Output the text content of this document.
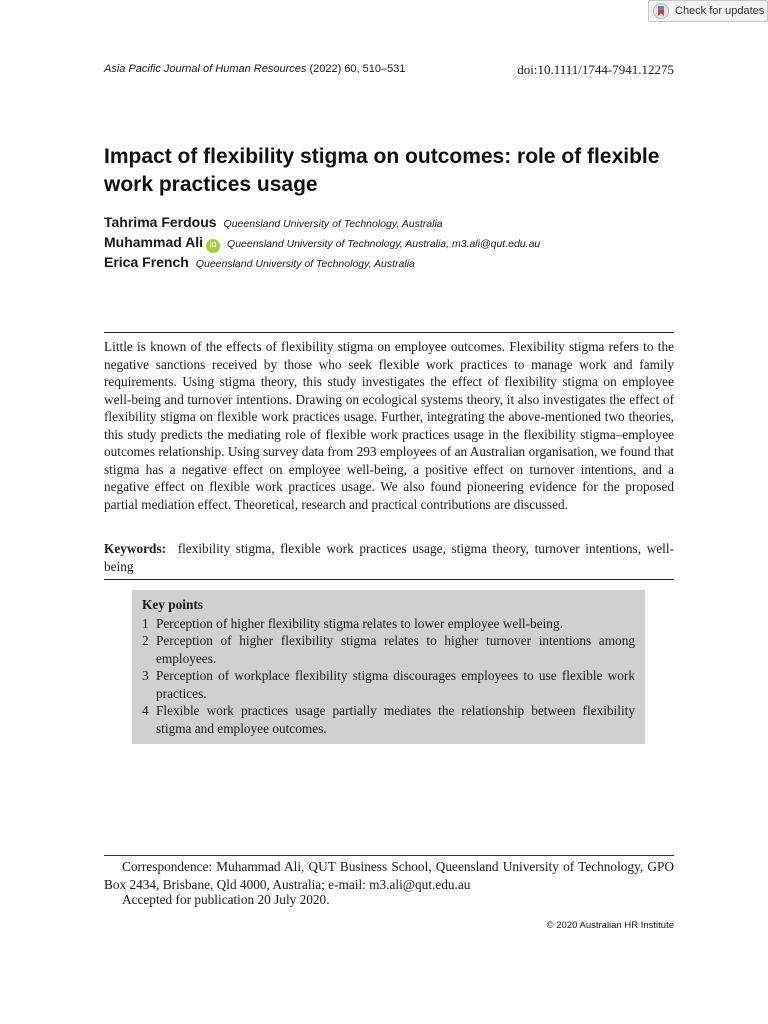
Check for updates
Asia Pacific Journal of Human Resources (2022) 60, 510–531	doi:10.1111/1744-7941.12275
Impact of flexibility stigma on outcomes: role of flexible work practices usage
Tahrima Ferdous Queensland University of Technology, Australia
Muhammad Ali iD	Queensland University of Technology, Australia, m3.ali@qut.edu.au
Erica French Queensland University of Technology, Australia

Little is known of the effects of flexibility stigma on employee outcomes. Flexibility stigma refers to the negative sanctions received by those who seek flexible work practices to manage work and family requirements. Using stigma theory, this study investigates the effect of flexibility stigma on employee well-being and turnover intentions. Drawing on ecological systems theory, it also investigates the effect of flexibility stigma on flexible work practices usage. Further, integrating the above-mentioned two theories, this study predicts the mediating role of flexible work practices usage in the flexibility stigma–employee outcomes relationship. Using survey data from 293 employees of an Australian organisation, we found that stigma has a negative effect on employee well-being, a positive effect on turnover intentions, and a negative effect on flexible work practices usage. We also found pioneering evidence for the proposed partial mediation effect. Theoretical, research and practical contributions are discussed.

Keywords: flexibility stigma, flexible work practices usage, stigma theory, turnover intentions, well-being

Key points
1 Perception of higher flexibility stigma relates to lower employee well-being.
2 Perception of higher flexibility stigma relates to higher turnover intentions among employees.
3 Perception of workplace flexibility stigma discourages employees to use flexible work practices.
4 Flexible work practices usage partially mediates the relationship between flexibility stigma and employee outcomes.

Correspondence: Muhammad Ali, QUT Business School, Queensland University of Technology, GPO Box 2434, Brisbane, Qld 4000, Australia; e-mail: m3.ali@qut.edu.au

Accepted for publication 20 July 2020.

© 2020 Australian HR Institute
